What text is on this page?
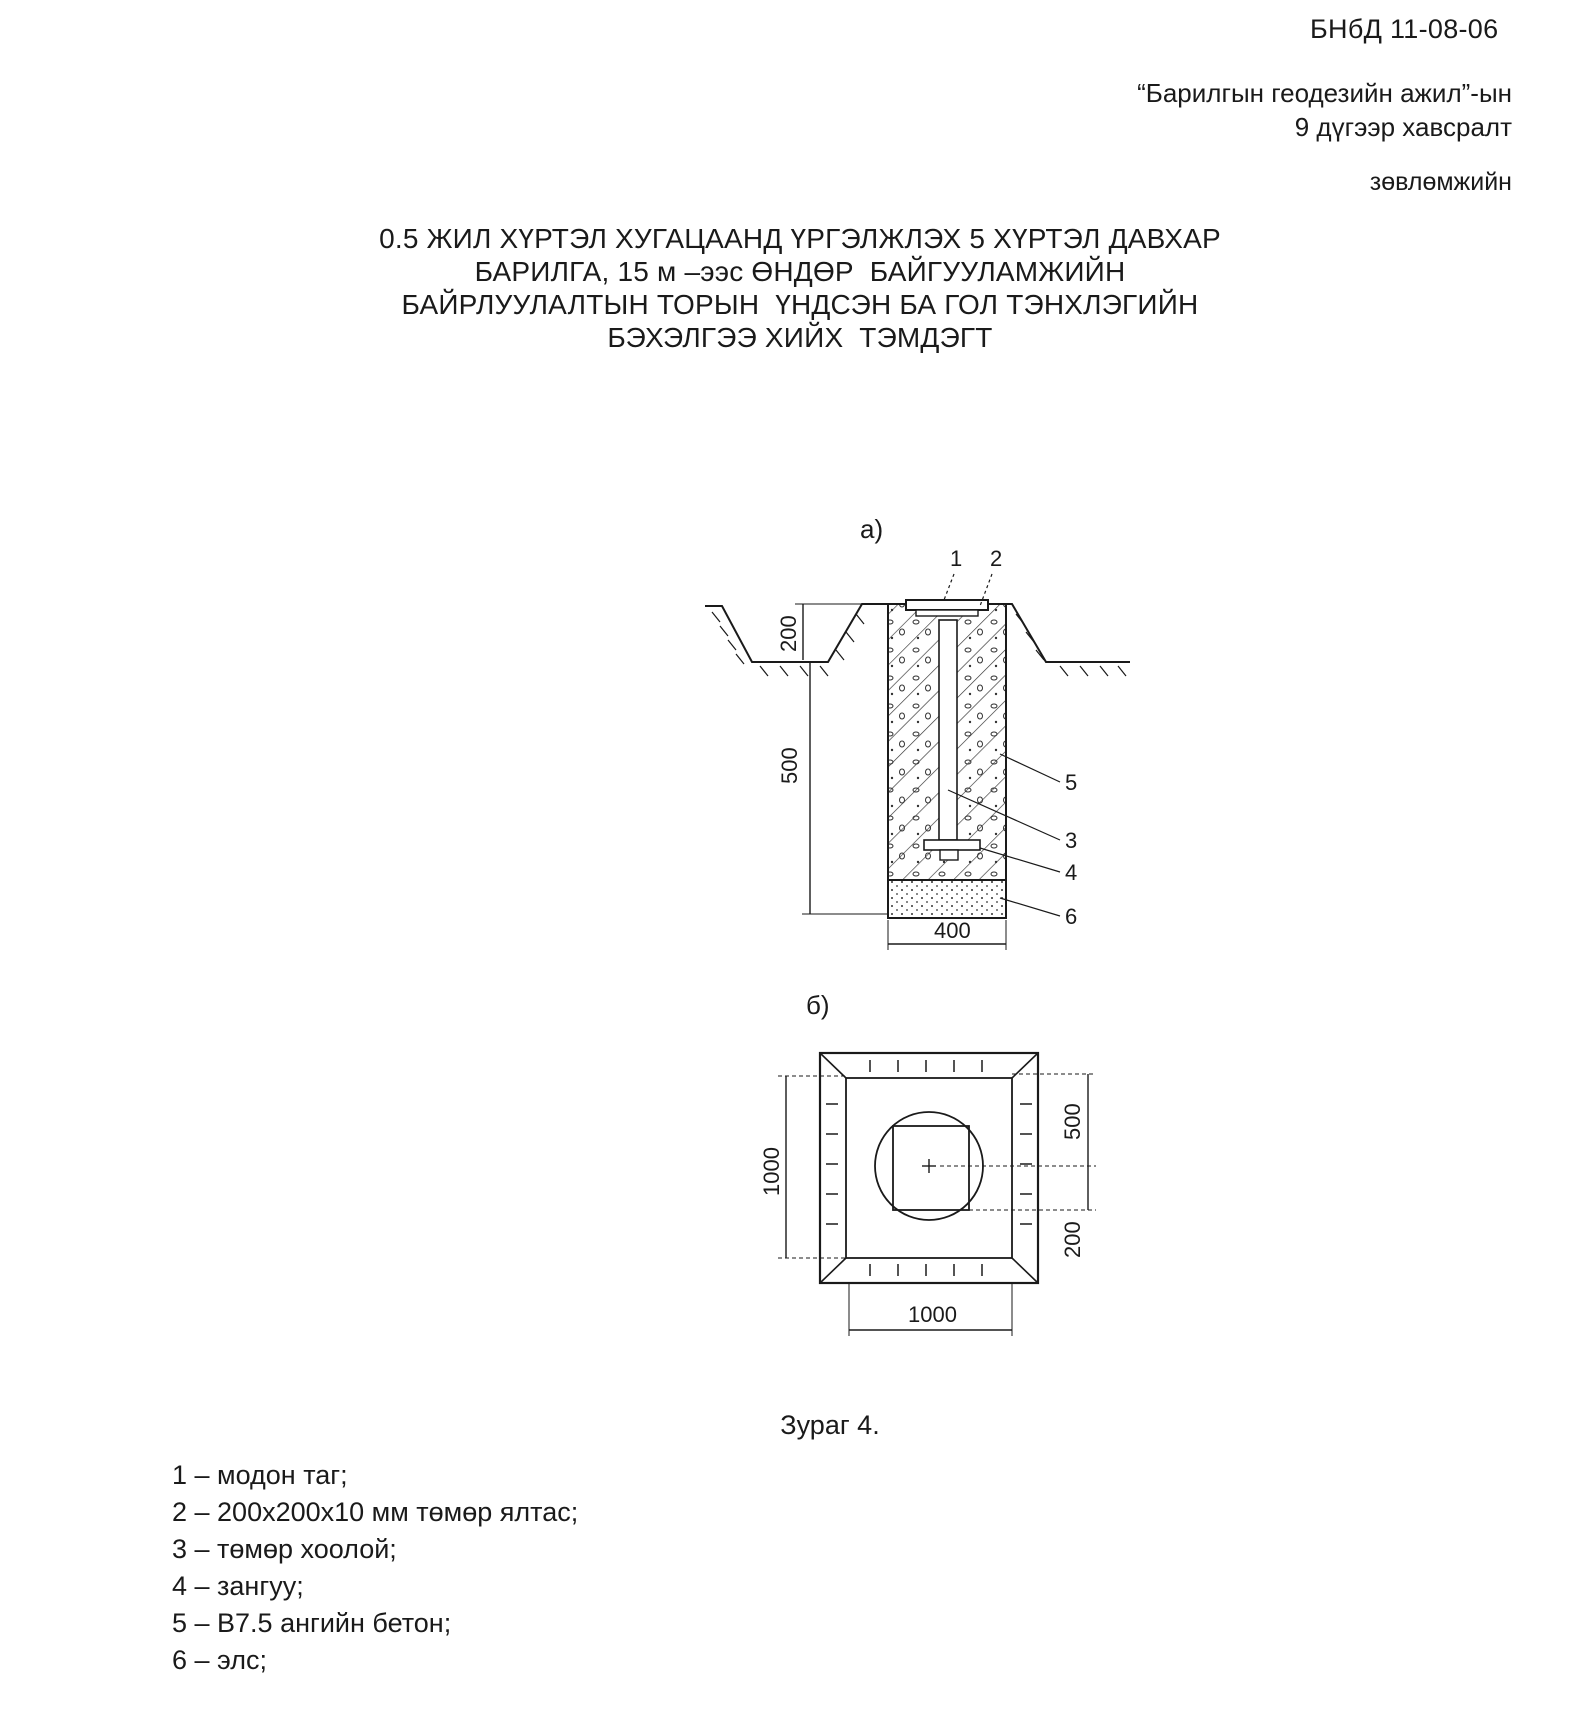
БНбД 11-08-06
“Барилгын геодезийн ажил”-ын
9 дүгээр хавсралт
зөвлөмжийн
0.5 ЖИЛ ХҮРТЭЛ ХУГАЦААНД ҮРГЭЛЖЛЭХ 5 ХҮРТЭЛ ДАВХАР
БАРИЛГА, 15 м –ээс ӨНДӨР  БАЙГУУЛАМЖИЙН
БАЙРЛУУЛАЛТЫН ТОРЫН  ҮНДСЭН БА ГОЛ ТЭНХЛЭГИЙН
БЭХЭЛГЭЭ ХИЙХ  ТЭМДЭГТ
а)
1 2
5
3
4
6
200
500
400
б)
1000
500
200
1000
Зураг 4.
1 – модон таг;
2 – 200x200x10 мм төмөр ялтас;
3 – төмөр хоолой;
4 – зангуу;
5 – В7.5 ангийн бетон;
6 – элс;
